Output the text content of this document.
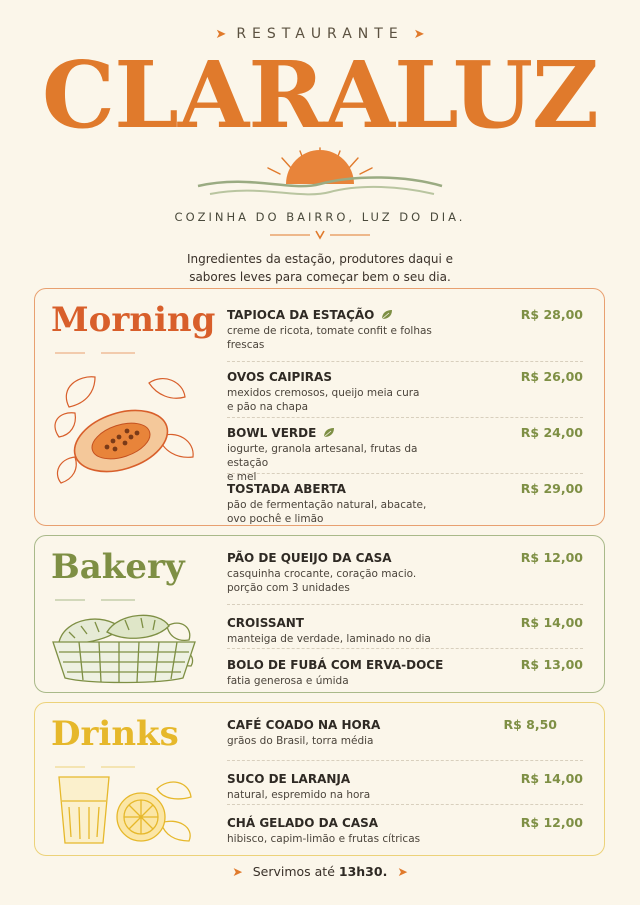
➤ RESTAURANTE ➤
CLARALUZ
COZINHA DO BAIRRO, LUZ DO DIA.
Ingredientes da estação, produtores daqui e
sabores leves para começar bem o seu dia.
Morning TAPIOCA DA ESTAÇÃO
creme de ricota, tomate confit e folhas
frescas
R$ 28,00
OVOS CAIPIRAS
mexidos cremosos, queijo meia cura
e pão na chapa
R$ 26,00
BOWL VERDE
iogurte, granola artesanal, frutas da estação
e mel
R$ 24,00
TOSTADA ABERTA
pão de fermentação natural, abacate,
ovo pochê e limão
R$ 29,00
Bakery	PÃO DE QUEIJO DA CASA
casquinha crocante, coração macio.
porção com 3 unidades
R$ 12,00
CROISSANT
manteiga de verdade, laminado no dia
R$ 14,00
BOLO DE FUBÁ COM ERVA-DOCE
fatia generosa e úmida
R$ 13,00
Drinks	CAFÉ COADO NA HORA
grãos do Brasil, torra média
R$ 8,50
SUCO DE LARANJA
natural, espremido na hora
R$ 14,00
CHÁ GELADO DA CASA
hibisco, capim-limão e frutas cítricas
R$ 12,00
➤ Servimos até 13h30. ➤
